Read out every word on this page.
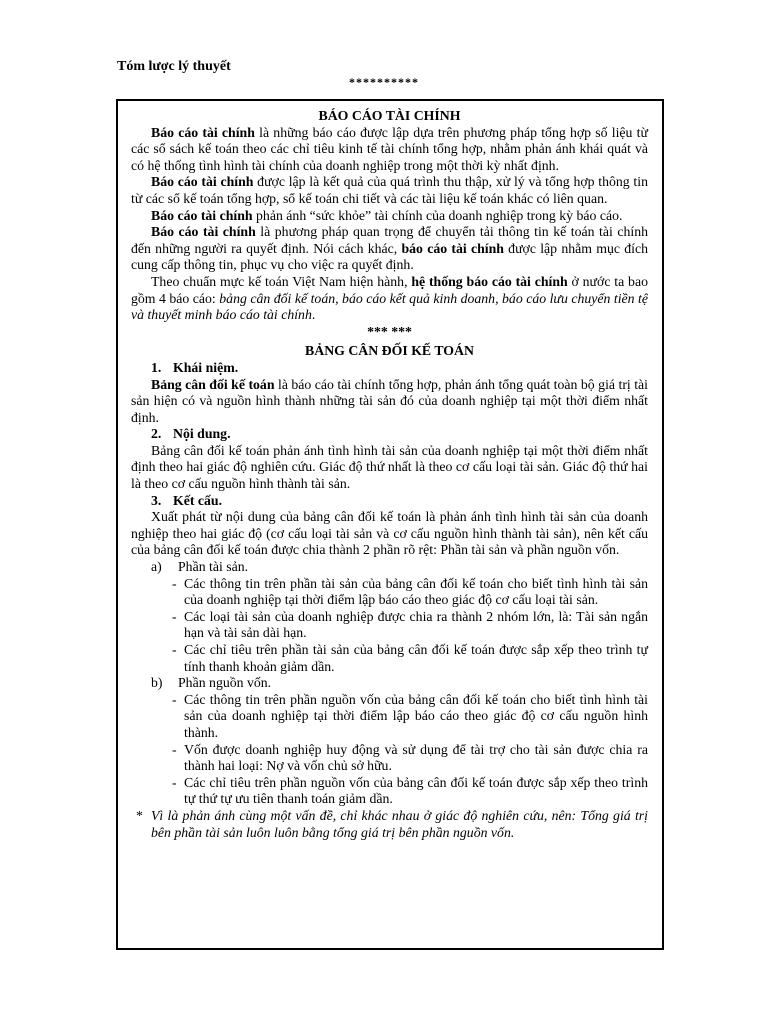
Tóm lược lý thuyết
**********

BÁO CÁO TÀI CHÍNH

Báo cáo tài chính là những báo cáo được lập dựa trên phương pháp tổng hợp số liệu từ các sổ sách kế toán theo các chỉ tiêu kinh tế tài chính tổng hợp, nhằm phản ánh khái quát và có hệ thống tình hình tài chính của doanh nghiệp trong một thời kỳ nhất định.

Báo cáo tài chính được lập là kết quả của quá trình thu thập, xử lý và tổng hợp thông tin từ các sổ kế toán tổng hợp, sổ kế toán chi tiết và các tài liệu kế toán khác có liên quan.

Báo cáo tài chính phản ánh “sức khỏe” tài chính của doanh nghiệp trong kỳ báo cáo.

Báo cáo tài chính là phương pháp quan trọng để chuyển tải thông tin kế toán tài chính đến những người ra quyết định. Nói cách khác, báo cáo tài chính được lập nhằm mục đích cung cấp thông tin, phục vụ cho việc ra quyết định.

Theo chuẩn mực kế toán Việt Nam hiện hành, hệ thống báo cáo tài chính ở nước ta bao gồm 4 báo cáo: bảng cân đối kế toán, báo cáo kết quả kinh doanh, báo cáo lưu chuyển tiền tệ và thuyết minh báo cáo tài chính.

*** ***

BẢNG CÂN ĐỐI KẾ TOÁN

1. Khái niệm.

Bảng cân đối kế toán là báo cáo tài chính tổng hợp, phản ánh tổng quát toàn bộ giá trị tài sản hiện có và nguồn hình thành những tài sản đó của doanh nghiệp tại một thời điểm nhất định.

2. Nội dung.

Bảng cân đối kế toán phản ánh tình hình tài sản của doanh nghiệp tại một thời điểm nhất định theo hai giác độ nghiên cứu. Giác độ thứ nhất là theo cơ cấu loại tài sản. Giác độ thứ hai là theo cơ cấu nguồn hình thành tài sản.

3. Kết cấu.

Xuất phát từ nội dung của bảng cân đối kế toán là phản ánh tình hình tài sản của doanh nghiệp theo hai giác độ (cơ cấu loại tài sản và cơ cấu nguồn hình thành tài sản), nên kết cấu của bảng cân đối kế toán được chia thành 2 phần rõ rệt: Phần tài sản và phần nguồn vốn.

a) Phần tài sản.

- Các thông tin trên phần tài sản của bảng cân đối kế toán cho biết tình hình tài sản của doanh nghiệp tại thời điểm lập báo cáo theo giác độ cơ cấu loại tài sản.
- Các loại tài sản của doanh nghiệp được chia ra thành 2 nhóm lớn, là: Tài sản ngắn hạn và tài sản dài hạn.
- Các chỉ tiêu trên phần tài sản của bảng cân đối kế toán được sắp xếp theo trình tự tính thanh khoản giảm dần.

b) Phần nguồn vốn.

- Các thông tin trên phần nguồn vốn của bảng cân đối kế toán cho biết tình hình tài sản của doanh nghiệp tại thời điểm lập báo cáo theo giác độ cơ cấu nguồn hình thành.
- Vốn được doanh nghiệp huy động và sử dụng để tài trợ cho tài sản được chia ra thành hai loại: Nợ và vốn chủ sở hữu.
- Các chỉ tiêu trên phần nguồn vốn của bảng cân đối kế toán được sắp xếp theo trình tự thứ tự ưu tiên thanh toán giảm dần.

* Vì là phản ánh cùng một vấn đề, chỉ khác nhau ở giác độ nghiên cứu, nên: Tổng giá trị bên phần tài sản luôn luôn bằng tổng giá trị bên phần nguồn vốn.
